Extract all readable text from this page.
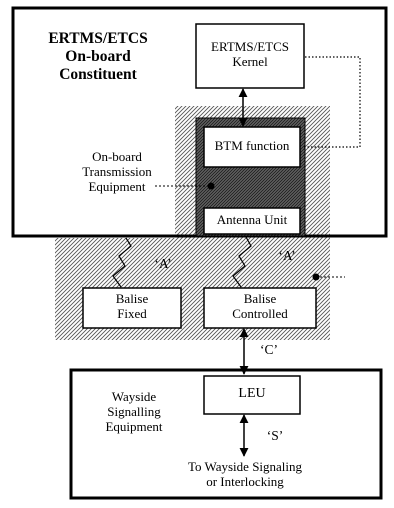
ERTMS/ETCS
On-board
Constituent
ERTMS/ETCS
Kernel
On-board
Transmission
Equipment
BTM function
Antenna Unit
‘A’
‘A’
Balise
Fixed
Balise
Controlled
‘C’
Wayside
Signalling
Equipment
LEU
‘S’
To Wayside Signaling
or Interlocking
